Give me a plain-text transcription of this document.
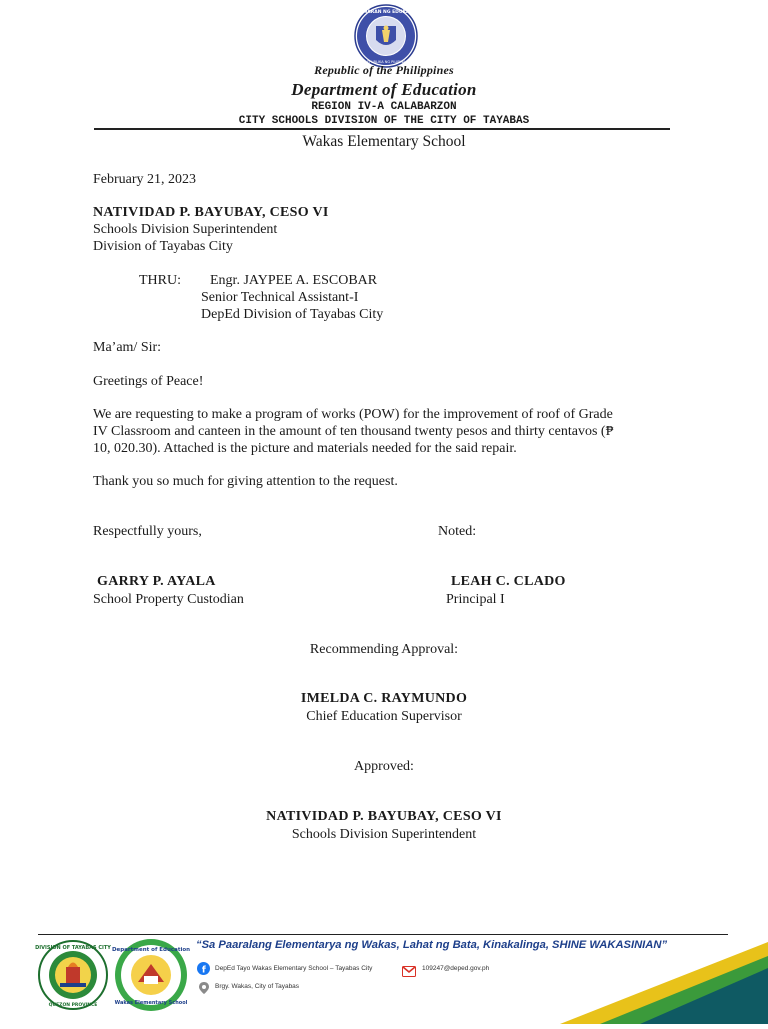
KAGAWARAN NG EDUKASYON
REPUBLIKA NG PILIPINAS
Republic of the Philippines
Department of Education
REGION IV-A CALABARZON
CITY SCHOOLS DIVISION OF THE CITY OF TAYABAS
Wakas Elementary School
February 21, 2023
NATIVIDAD P. BAYUBAY, CESO VI
Schools Division Superintendent
Division of Tayabas City
THRU: Engr. JAYPEE A. ESCOBAR
Senior Technical Assistant-I
DepEd Division of Tayabas City
Ma’am/ Sir:
Greetings of Peace!
We are requesting to make a program of works (POW) for the improvement of roof of Grade
IV Classroom and canteen in the amount of ten thousand twenty pesos and thirty centavos (₱
10, 020.30). Attached is the picture and materials needed for the said repair.
Thank you so much for giving attention to the request.
Respectfully yours,	Noted:
GARRY P. AYALA
School Property Custodian
LEAH C. CLADO
Principal I
Recommending Approval:
IMELDA C. RAYMUNDO
Chief Education Supervisor
Approved:
NATIVIDAD P. BAYUBAY, CESO VI
Schools Division Superintendent
DIVISION OF TAYABAS CITY
QUEZON PROVINCE
Department of Education
Wakas Elementary School
“Sa Paaralang Elementarya ng Wakas, Lahat ng Bata, Kinakalinga, SHINE WAKASINIAN”
f DepEd Tayo Wakas Elementary School – Tayabas City	109247@deped.gov.ph
Brgy. Wakas, City of Tayabas
